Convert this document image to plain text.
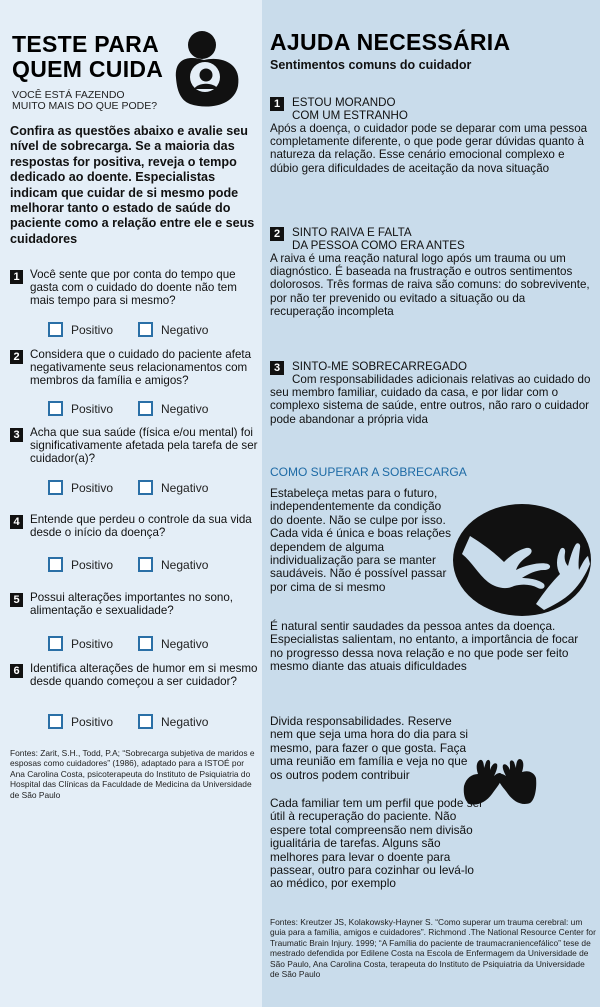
TESTE PARA
QUEM CUIDA
VOCÊ ESTÁ FAZENDO
MUITO MAIS DO QUE PODE?
Confira as questões abaixo e avalie seu nível de sobrecarga. Se a maioria das respostas for positiva, reveja o tempo dedicado ao doente. Especialistas indicam que cuidar de si mesmo pode melhorar tanto o estado de saúde do paciente como a relação entre ele e seus cuidadores
1 Você sente que por conta do tempo que gasta com o cuidado do doente não tem mais tempo para si mesmo?
Positivo	Negativo
2 Considera que o cuidado do paciente afeta negativamente seus relacionamentos com membros da família e amigos?
Positivo	Negativo
3 Acha que sua saúde (física e/ou mental) foi significativamente afetada pela tarefa de ser cuidador(a)?
Positivo	Negativo
4 Entende que perdeu o controle da sua vida desde o início da doença?
Positivo	Negativo
5 Possui alterações importantes no sono, alimentação e sexualidade?
Positivo	Negativo
6 Identifica alterações de humor em si mesmo desde quando começou a ser cuidador?
Positivo	Negativo
Fontes: Zarit, S.H., Todd, P.A; “Sobrecarga subjetiva de maridos e esposas como cuidadores” (1986), adaptado para a ISTOÉ por Ana Carolina Costa, psicoterapeuta do Instituto de Psiquiatria do Hospital das Clínicas da Faculdade de Medicina da Universidade de São Paulo
AJUDA NECESSÁRIA
Sentimentos comuns do cuidador
1	ESTOU MORANDO
COM UM ESTRANHO
Após a doença, o cuidador pode se deparar com uma pessoa completamente diferente, o que pode gerar dúvidas quanto à natureza da relação. Esse cenário emocional complexo e dúbio gera dificuldades de aceitação da nova situação
2	SINTO RAIVA E FALTA
DA PESSOA COMO ERA ANTES
A raiva é uma reação natural logo após um trauma ou um diagnóstico. É baseada na frustração e outros sentimentos dolorosos. Três formas de raiva são comuns: do sobrevivente, por não ter prevenido ou evitado a situação ou da recuperação incompleta
3	SINTO-ME SOBRECARREGADO
Com responsabilidades adicionais relativas ao cuidado do seu membro familiar, cuidado da casa, e por lidar com o complexo sistema de saúde, entre outros, não raro o cuidador pode abandonar a própria vida
COMO SUPERAR A SOBRECARGA
Estabeleça metas para o futuro, independentemente da condição do doente. Não se culpe por isso. Cada vida é única e boas relações dependem de alguma individualização para se manter saudáveis. Não é possível passar por cima de si mesmo
É natural sentir saudades da pessoa antes da doença. Especialistas salientam, no entanto, a importância de focar no progresso dessa nova relação e no que pode ser feito mesmo diante das atuais dificuldades
Divida responsabilidades. Reserve nem que seja uma hora do dia para si mesmo, para fazer o que gosta. Faça uma reunião em família e veja no que os outros podem contribuir
Cada familiar tem um perfil que pode ser útil à recuperação do paciente. Não espere total compreensão nem divisão igualitária de tarefas. Alguns são melhores para levar o doente para passear, outro para cozinhar ou levá-lo ao médico, por exemplo
Fontes: Kreutzer JS, Kolakowsky-Hayner S. “Como superar um trauma cerebral: um guia para a família, amigos e cuidadores”. Richmond .The National Resource Center for Traumatic Brain Injury. 1999; “A Família do paciente de traumacraniencefálico” tese de mestrado defendida por Edilene Costa na Escola de Enfermagem da Universidade de São Paulo, Ana Carolina Costa, terapeuta do Instituto de Psiquiatria da Universidade de São Paulo
